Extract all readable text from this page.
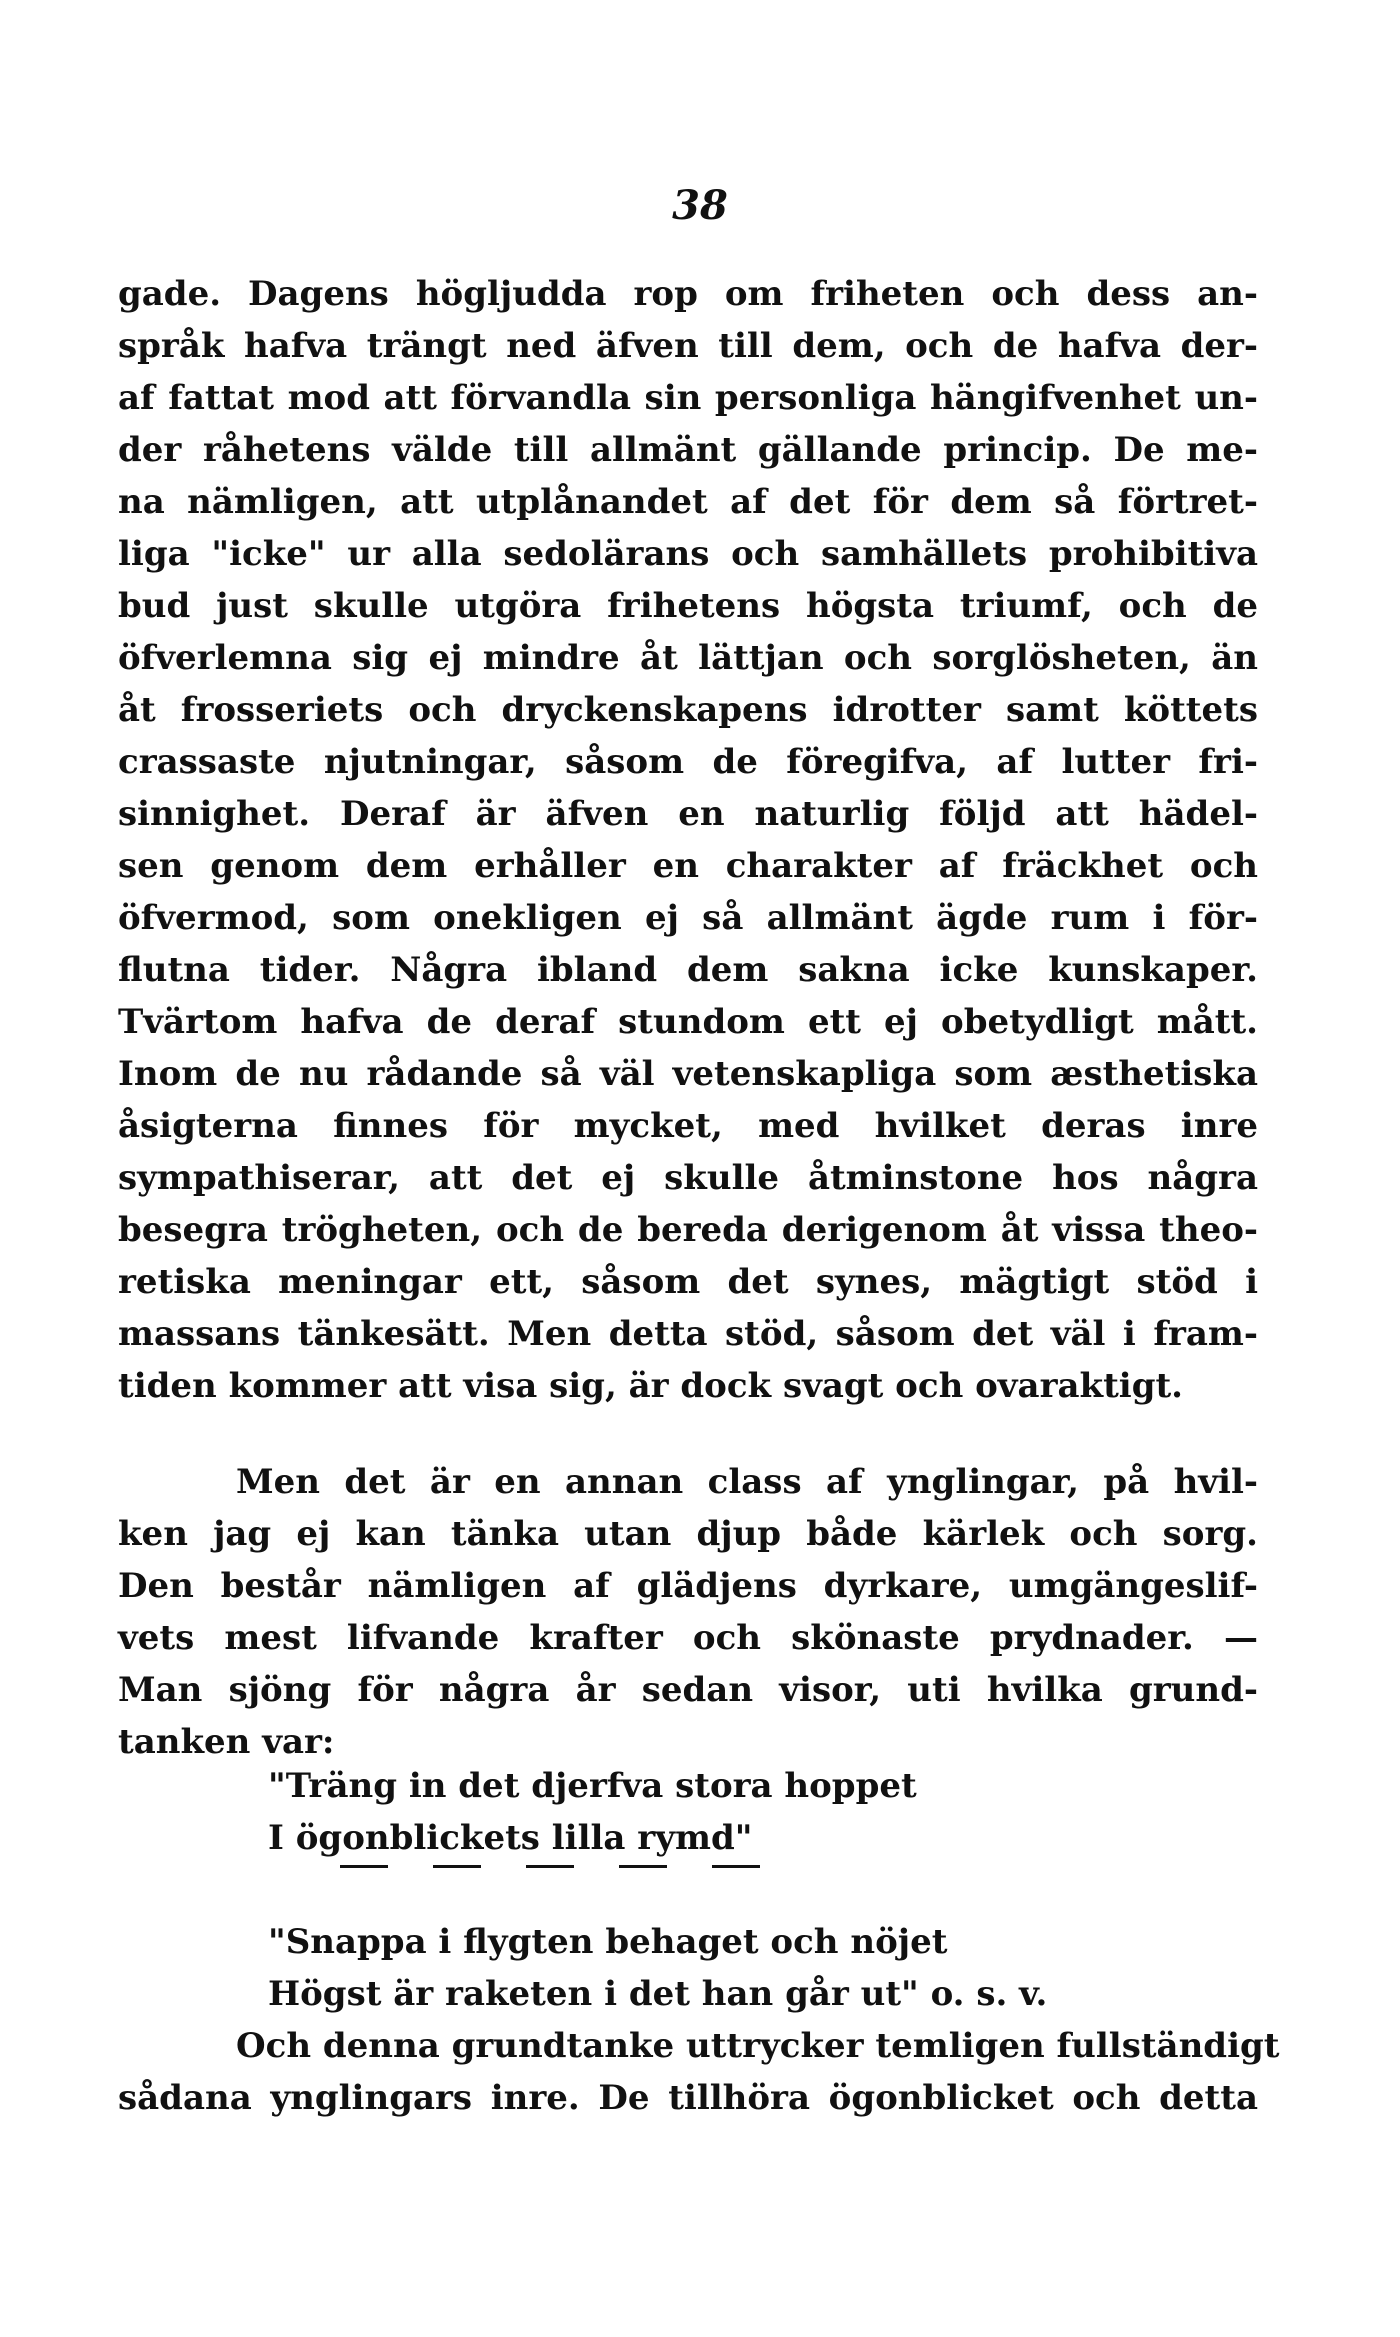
38
gade. Dagens högljudda rop om friheten och dess an-
språk hafva trängt ned äfven till dem, och de hafva der-
af fattat mod att förvandla sin personliga hängifvenhet un-
der råhetens välde till allmänt gällande princip. De me-
na nämligen, att utplånandet af det för dem så förtret-
liga "icke" ur alla sedolärans och samhällets prohibitiva
bud just skulle utgöra frihetens högsta triumf, och de
öfverlemna sig ej mindre åt lättjan och sorglösheten, än
åt frosseriets och dryckenskapens idrotter samt köttets
crassaste njutningar, såsom de föregifva, af lutter fri-
sinnighet. Deraf är äfven en naturlig följd att hädel-
sen genom dem erhåller en charakter af fräckhet och
öfvermod, som onekligen ej så allmänt ägde rum i för-
flutna tider. Några ibland dem sakna icke kunskaper.
Tvärtom hafva de deraf stundom ett ej obetydligt mått.
Inom de nu rådande så väl vetenskapliga som æsthetiska
åsigterna finnes för mycket, med hvilket deras inre
sympathiserar, att det ej skulle åtminstone hos några
besegra trögheten, och de bereda derigenom åt vissa theo-
retiska meningar ett, såsom det synes, mägtigt stöd i
massans tänkesätt. Men detta stöd, såsom det väl i fram-
tiden kommer att visa sig, är dock svagt och ovaraktigt.
Men det är en annan class af ynglingar, på hvil-
ken jag ej kan tänka utan djup både kärlek och sorg.
Den består nämligen af glädjens dyrkare, umgängeslif-
vets mest lifvande krafter och skönaste prydnader. —
Man sjöng för några år sedan visor, uti hvilka grund-
tanken var:
"Träng in det djerfva stora hoppet
I ögonblickets lilla rymd"
"Snappa i flygten behaget och nöjet
Högst är raketen i det han går ut" o. s. v.
Och denna grundtanke uttrycker temligen fullständigt
sådana ynglingars inre. De tillhöra ögonblicket och detta
